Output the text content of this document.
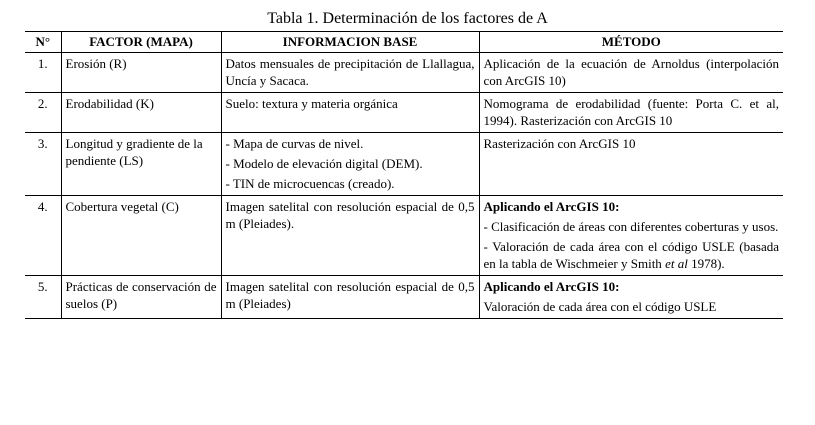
Tabla 1. Determinación de los factores de A
N°	FACTOR (MAPA)	INFORMACION BASE	MÉTODO
1.	Erosión (R)	Datos mensuales de precipitación de Llallagua, Uncía y Sacaca.	Aplicación de la ecuación de Arnoldus (interpolación con ArcGIS 10)
2.	Erodabilidad (K)	Suelo: textura y materia orgánica	Nomograma de erodabilidad (fuente: Porta C. et al, 1994). Rasterización con ArcGIS 10
3.	Longitud y gradiente de la pendiente (LS)	- Mapa de curvas de nivel.
- Modelo de elevación digital (DEM).
- TIN de microcuencas (creado).	Rasterización con ArcGIS 10
4.	Cobertura vegetal (C)	Imagen satelital con resolución espacial de 0,5 m (Pleiades).	Aplicando el ArcGIS 10:
- Clasificación de áreas con diferentes coberturas y usos.
- Valoración de cada área con el código USLE (basada en la tabla de Wischmeier y Smith et al 1978).

5.	Prácticas de conservación de suelos (P)	Imagen satelital con resolución espacial de 0,5 m (Pleiades)	Aplicando el ArcGIS 10:
Valoración de cada área con el código USLE
